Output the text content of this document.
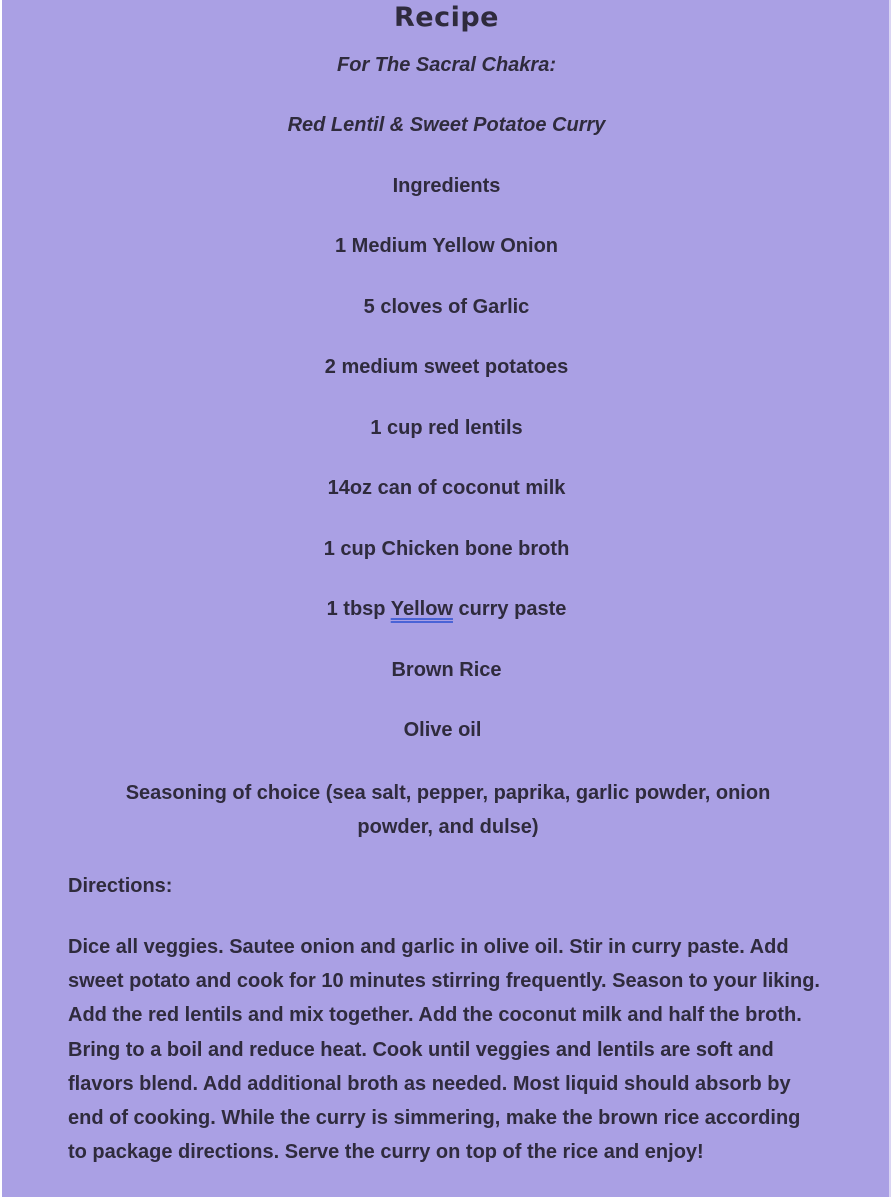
Recipe
For The Sacral Chakra:
Red Lentil & Sweet Potatoe Curry
Ingredients
1 Medium Yellow Onion
5 cloves of Garlic
2 medium sweet potatoes
1 cup red lentils
14oz can of coconut milk
1 cup Chicken bone broth
1 tbsp Yellow curry paste
Brown Rice
Olive oil
Seasoning of choice (sea salt, pepper, paprika, garlic powder, onion powder, and dulse)
Directions:
Dice all veggies. Sautee onion and garlic in olive oil. Stir in curry paste. Add sweet potato and cook for 10 minutes stirring frequently. Season to your liking. Add the red lentils and mix together. Add the coconut milk and half the broth. Bring to a boil and reduce heat. Cook until veggies and lentils are soft and flavors blend. Add additional broth as needed. Most liquid should absorb by end of cooking. While the curry is simmering, make the brown rice according to package directions. Serve the curry on top of the rice and enjoy!
